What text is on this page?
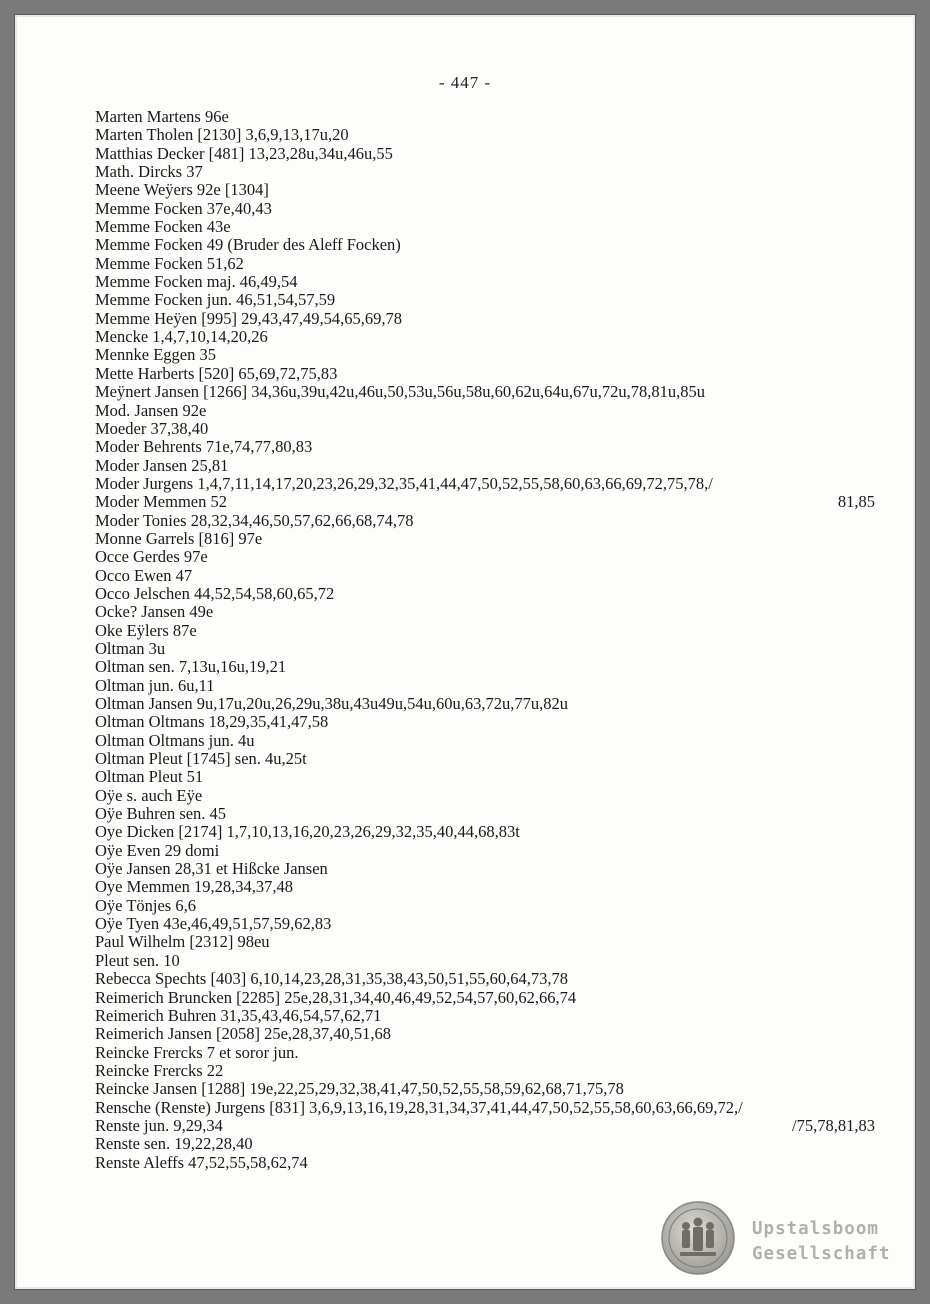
- 447 -
Marten Martens 96e
Marten Tholen [2130] 3,6,9,13,17u,20
Matthias Decker [481] 13,23,28u,34u,46u,55
Math. Dircks 37
Meene Weÿers 92e [1304]
Memme Focken 37e,40,43
Memme Focken 43e
Memme Focken 49 (Bruder des Aleff Focken)
Memme Focken 51,62
Memme Focken maj. 46,49,54
Memme Focken jun. 46,51,54,57,59
Memme Heÿen [995] 29,43,47,49,54,65,69,78
Mencke 1,4,7,10,14,20,26
Mennke Eggen 35
Mette Harberts [520] 65,69,72,75,83
Meÿnert Jansen [1266] 34,36u,39u,42u,46u,50,53u,56u,58u,60,62u,64u,67u,72u,78,81u,85u
Mod. Jansen 92e
Moeder 37,38,40
Moder Behrents 71e,74,77,80,83
Moder Jansen 25,81
Moder Jurgens 1,4,7,11,14,17,20,23,26,29,32,35,41,44,47,50,52,55,58,60,63,66,69,72,75,78,/
Moder Memmen 52	81,85
Moder Tonies 28,32,34,46,50,57,62,66,68,74,78
Monne Garrels [816] 97e
Occe Gerdes 97e
Occo Ewen 47
Occo Jelschen 44,52,54,58,60,65,72
Ocke? Jansen 49e
Oke Eÿlers 87e
Oltman 3u
Oltman sen. 7,13u,16u,19,21
Oltman jun. 6u,11
Oltman Jansen 9u,17u,20u,26,29u,38u,43u49u,54u,60u,63,72u,77u,82u
Oltman Oltmans 18,29,35,41,47,58
Oltman Oltmans jun. 4u
Oltman Pleut [1745] sen. 4u,25t
Oltman Pleut 51
Oÿe s. auch Eÿe
Oÿe Buhren sen. 45
Oye Dicken [2174] 1,7,10,13,16,20,23,26,29,32,35,40,44,68,83t
Oÿe Even 29 domi
Oÿe Jansen 28,31 et Hißcke Jansen
Oye Memmen 19,28,34,37,48
Oÿe Tönjes 6,6
Oÿe Tyen 43e,46,49,51,57,59,62,83
Paul Wilhelm [2312] 98eu
Pleut sen. 10
Rebecca Spechts [403] 6,10,14,23,28,31,35,38,43,50,51,55,60,64,73,78
Reimerich Bruncken [2285] 25e,28,31,34,40,46,49,52,54,57,60,62,66,74
Reimerich Buhren 31,35,43,46,54,57,62,71
Reimerich Jansen [2058] 25e,28,37,40,51,68
Reincke Frercks 7 et soror jun.
Reincke Frercks 22
Reincke Jansen [1288] 19e,22,25,29,32,38,41,47,50,52,55,58,59,62,68,71,75,78
Rensche (Renste) Jurgens [831] 3,6,9,13,16,19,28,31,34,37,41,44,47,50,52,55,58,60,63,66,69,72,/
Renste jun. 9,29,34	/75,78,81,83
Renste sen. 19,22,28,40
Renste Aleffs 47,52,55,58,62,74
Upstalsboom
Gesellschaft
